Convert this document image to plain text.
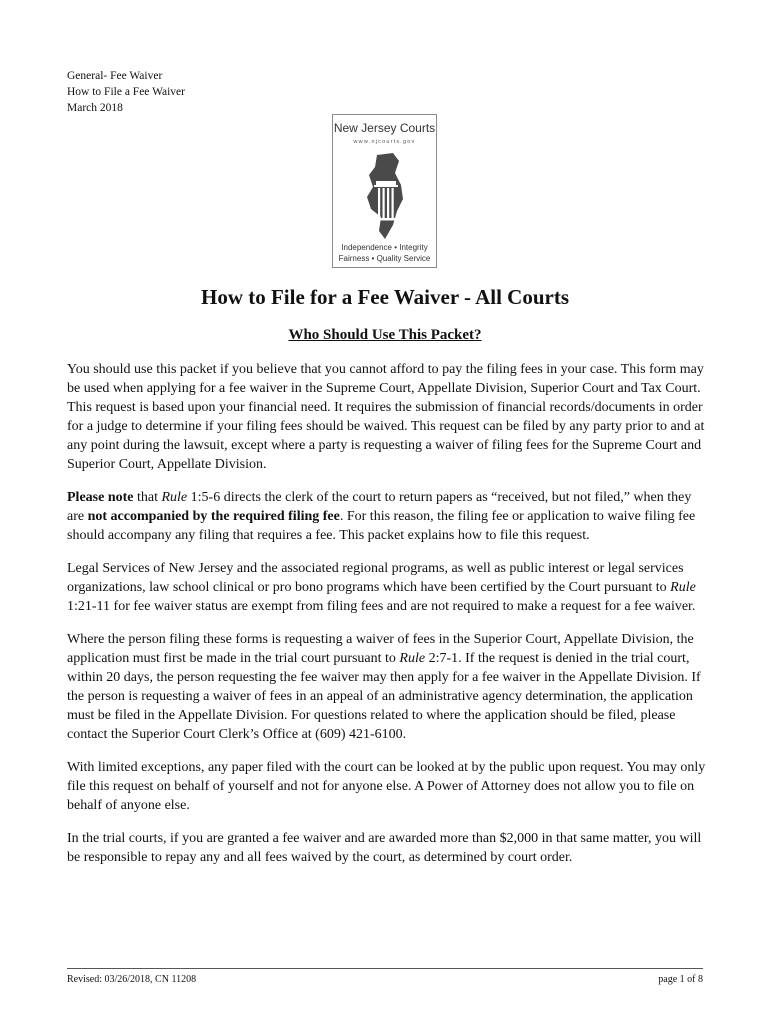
General- Fee Waiver
How to File a Fee Waiver
March 2018
New Jersey Courts
www.njcourts.gov
Independence • Integrity
Fairness • Quality Service
How to File for a Fee Waiver - All Courts
Who Should Use This Packet?

You should use this packet if you believe that you cannot afford to pay the filing fees in your case. This form may be used when applying for a fee waiver in the Supreme Court, Appellate Division, Superior Court and Tax Court. This request is based upon your financial need. It requires the submission of financial records/documents in order for a judge to determine if your filing fees should be waived. This request can be filed by any party prior to and at any point during the lawsuit, except where a party is requesting a waiver of filing fees for the Supreme Court and Superior Court, Appellate Division.

Please note that Rule 1:5-6 directs the clerk of the court to return papers as “received, but not filed,” when they are not accompanied by the required filing fee. For this reason, the filing fee or application to waive filing fee should accompany any filing that requires a fee. This packet explains how to file this request.

Legal Services of New Jersey and the associated regional programs, as well as public interest or legal services organizations, law school clinical or pro bono programs which have been certified by the Court pursuant to Rule 1:21-11 for fee waiver status are exempt from filing fees and are not required to make a request for a fee waiver.

Where the person filing these forms is requesting a waiver of fees in the Superior Court, Appellate Division, the application must first be made in the trial court pursuant to Rule 2:7-1. If the request is denied in the trial court, within 20 days, the person requesting the fee waiver may then apply for a fee waiver in the Appellate Division. If the person is requesting a waiver of fees in an appeal of an administrative agency determination, the application must be filed in the Appellate Division. For questions related to where the application should be filed, please contact the Superior Court Clerk’s Office at (609) 421-6100.

With limited exceptions, any paper filed with the court can be looked at by the public upon request. You may only file this request on behalf of yourself and not for anyone else. A Power of Attorney does not allow you to file on behalf of anyone else.

In the trial courts, if you are granted a fee waiver and are awarded more than $2,000 in that same matter, you will be responsible to repay any and all fees waived by the court, as determined by court order.

Revised: 03/26/2018, CN 11208	page 1 of 8
